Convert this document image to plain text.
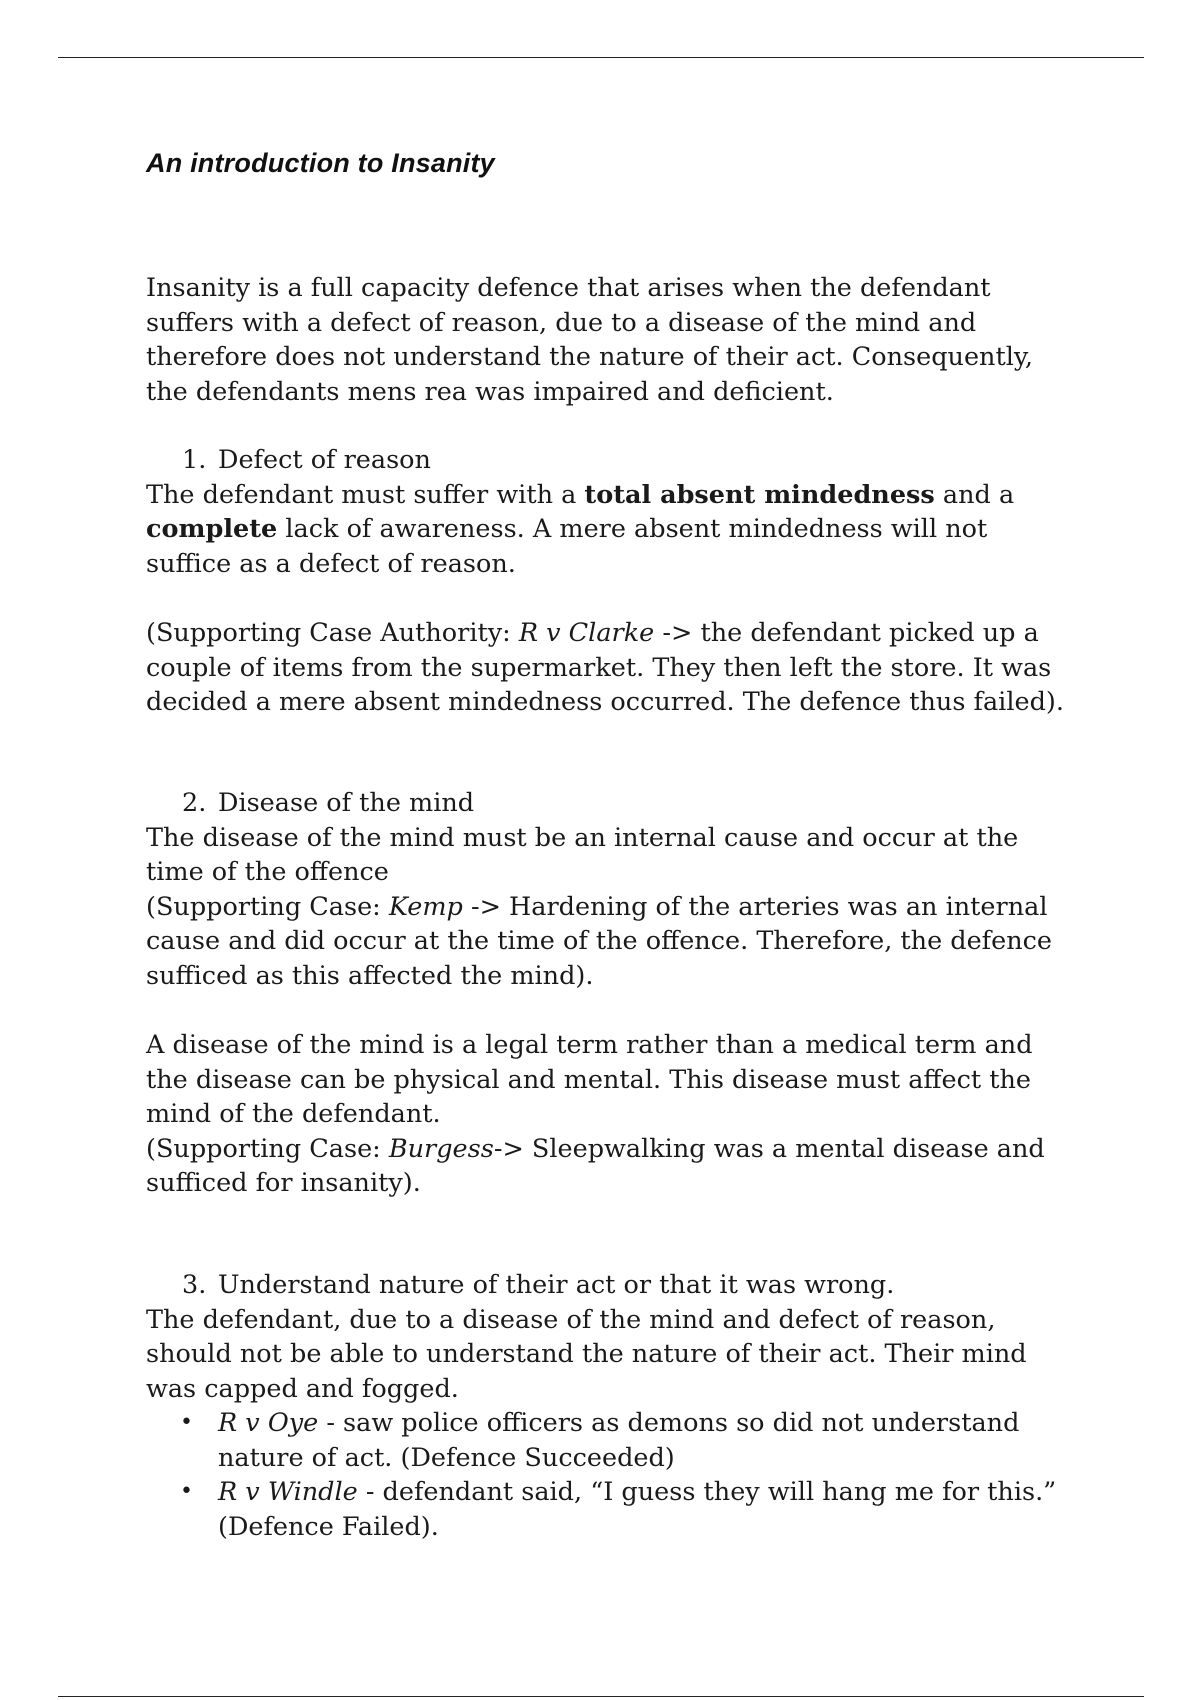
An introduction to Insanity

Insanity is a full capacity defence that arises when the defendant suffers with a defect of reason, due to a disease of the mind and therefore does not understand the nature of their act. Consequently, the defendants mens rea was impaired and deficient.

1. Defect of reason

The defendant must suffer with a total absent mindedness and a complete lack of awareness. A mere absent mindedness will not suffice as a defect of reason.

(Supporting Case Authority: R v Clarke -> the defendant picked up a couple of items from the supermarket. They then left the store. It was decided a mere absent mindedness occurred. The defence thus failed).

2. Disease of the mind

The disease of the mind must be an internal cause and occur at the time of the offence

(Supporting Case: Kemp -> Hardening of the arteries was an internal cause and did occur at the time of the offence. Therefore, the defence sufficed as this affected the mind).

A disease of the mind is a legal term rather than a medical term and the disease can be physical and mental. This disease must affect the mind of the defendant.

(Supporting Case: Burgess-> Sleepwalking was a mental disease and sufficed for insanity).

3. Understand nature of their act or that it was wrong.

The defendant, due to a disease of the mind and defect of reason, should not be able to understand the nature of their act. Their mind was capped and fogged.

• R v Oye - saw police officers as demons so did not understand nature of act. (Defence Succeeded)
• R v Windle - defendant said, “I guess they will hang me for this.” (Defence Failed).
